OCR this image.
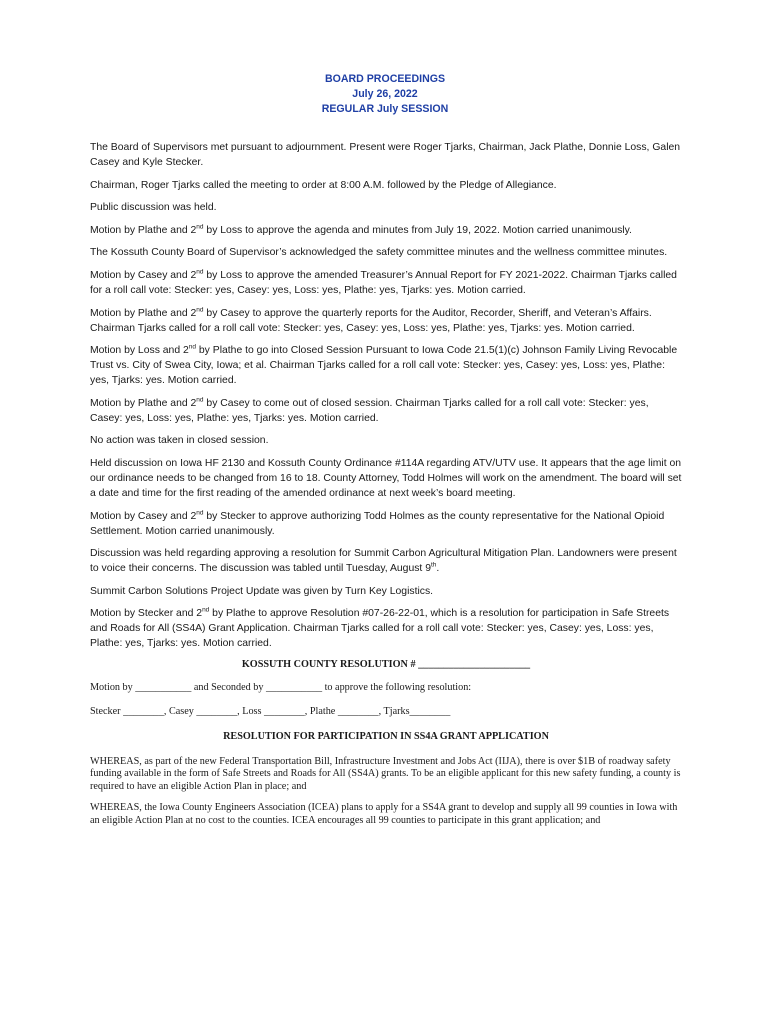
BOARD PROCEEDINGS
July 26, 2022
REGULAR July SESSION

The Board of Supervisors met pursuant to adjournment. Present were Roger Tjarks, Chairman, Jack Plathe, Donnie Loss, Galen Casey and Kyle Stecker.

Chairman, Roger Tjarks called the meeting to order at 8:00 A.M. followed by the Pledge of Allegiance.

Public discussion was held.

Motion by Plathe and 2nd by Loss to approve the agenda and minutes from July 19, 2022. Motion carried unanimously.

The Kossuth County Board of Supervisor’s acknowledged the safety committee minutes and the wellness committee minutes.

Motion by Casey and 2nd by Loss to approve the amended Treasurer’s Annual Report for FY 2021-2022. Chairman Tjarks called for a roll call vote: Stecker: yes, Casey: yes, Loss: yes, Plathe: yes, Tjarks: yes. Motion carried.

Motion by Plathe and 2nd by Casey to approve the quarterly reports for the Auditor, Recorder, Sheriff, and Veteran’s Affairs. Chairman Tjarks called for a roll call vote: Stecker: yes, Casey: yes, Loss: yes, Plathe: yes, Tjarks: yes. Motion carried.

Motion by Loss and 2nd by Plathe to go into Closed Session Pursuant to Iowa Code 21.5(1)(c) Johnson Family Living Revocable Trust vs. City of Swea City, Iowa; et al. Chairman Tjarks called for a roll call vote: Stecker: yes, Casey: yes, Loss: yes, Plathe: yes, Tjarks: yes. Motion carried.

Motion by Plathe and 2nd by Casey to come out of closed session. Chairman Tjarks called for a roll call vote: Stecker: yes, Casey: yes, Loss: yes, Plathe: yes, Tjarks: yes. Motion carried.

No action was taken in closed session.

Held discussion on Iowa HF 2130 and Kossuth County Ordinance #114A regarding ATV/UTV use. It appears that the age limit on our ordinance needs to be changed from 16 to 18. County Attorney, Todd Holmes will work on the amendment. The board will set a date and time for the first reading of the amended ordinance at next week’s board meeting.

Motion by Casey and 2nd by Stecker to approve authorizing Todd Holmes as the county representative for the National Opioid Settlement. Motion carried unanimously.

Discussion was held regarding approving a resolution for Summit Carbon Agricultural Mitigation Plan. Landowners were present to voice their concerns. The discussion was tabled until Tuesday, August 9th.

Summit Carbon Solutions Project Update was given by Turn Key Logistics.

Motion by Stecker and 2nd by Plathe to approve Resolution #07-26-22-01, which is a resolution for participation in Safe Streets and Roads for All (SS4A) Grant Application. Chairman Tjarks called for a roll call vote: Stecker: yes, Casey: yes, Loss: yes, Plathe: yes, Tjarks: yes. Motion carried.

KOSSUTH COUNTY RESOLUTION # ______________________
Motion by ___________ and Seconded by ___________ to approve the following resolution:
Stecker ________, Casey ________, Loss ________, Plathe ________, Tjarks________
RESOLUTION FOR PARTICIPATION IN SS4A GRANT APPLICATION

WHEREAS, as part of the new Federal Transportation Bill, Infrastructure Investment and Jobs Act (IIJA), there is over $1B of roadway safety funding available in the form of Safe Streets and Roads for All (SS4A) grants. To be an eligible applicant for this new safety funding, a county is required to have an eligible Action Plan in place; and

WHEREAS, the Iowa County Engineers Association (ICEA) plans to apply for a SS4A grant to develop and supply all 99 counties in Iowa with an eligible Action Plan at no cost to the counties. ICEA encourages all 99 counties to participate in this grant application; and
